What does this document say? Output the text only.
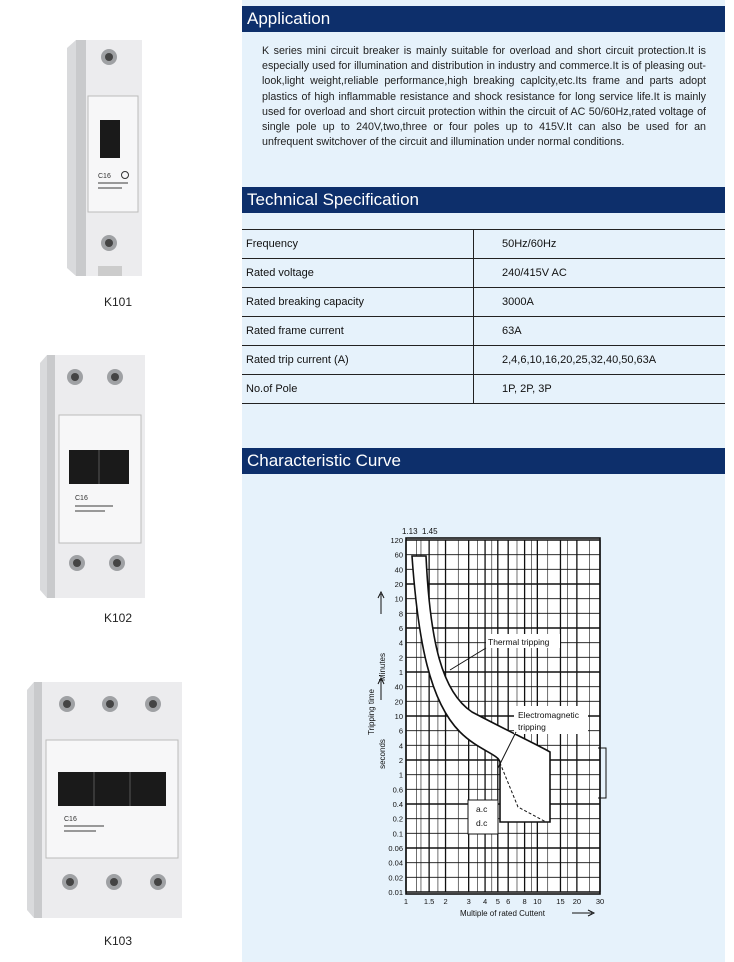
C16
K101
C16
K102
C16
K103
Application
K series mini circuit breaker is mainly suitable for overload and short circuit protection.It is especially used for illumination and distribution in industry and commerce.It is of pleasing out-look,light weight,reliable performance,high breaking caplcity,etc.Its frame and parts adopt plastics of high inflammable resistance and shock resistance for long service life.It is mainly used for overload and short circuit protection within the circuit of AC 50/60Hz,rated voltage of single pole up to 240V,two,three or four poles up to 415V.It can also be used for an unfrequent switchover of the circuit and illumination under normal conditions.
Technical Specification
Frequency	50Hz/60Hz
Rated voltage	240/415V AC
Rated breaking capacity	3000A
Rated frame current	63A
Rated trip current (A)	2,4,6,10,16,20,25,32,40,50,63A
No.of Pole	1P, 2P, 3P
Characteristic Curve
120
60
40
20
10
8
6
4
2
1
40
20
10
6
4
2
1
0.6
0.4
0.2
0.1
0.06
0.04
0.02
0.01
1 1.5 2	3 4 5 6 8 10 15 20 30
Thermal tripping
Electromagnetic
tripping
a.c
d.c
1.13 1.45
Tripping time
Minutes
seconds
Multiple of rated Cuttent
